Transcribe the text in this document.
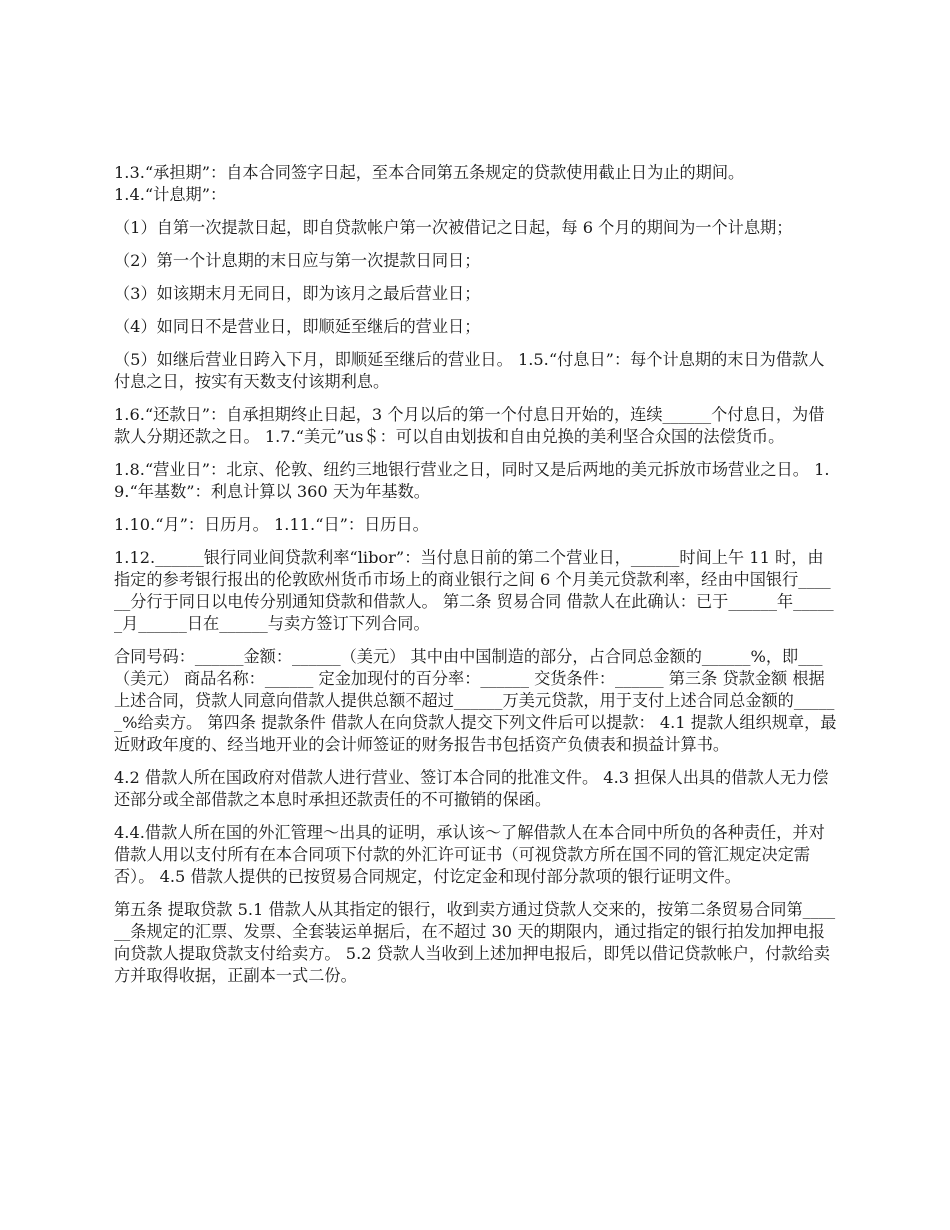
1.3.“承担期”：自本合同签字日起，至本合同第五条规定的贷款使用截止日为止的期间。

1.4.“计息期”：

（1）自第一次提款日起，即自贷款帐户第一次被借记之日起，每 6 个月的期间为一个计息期；

（2）第一个计息期的末日应与第一次提款日同日；

（3）如该期末月无同日，即为该月之最后营业日；

（4）如同日不是营业日，即顺延至继后的营业日；

（5）如继后营业日跨入下月，即顺延至继后的营业日。 1.5.“付息日”：每个计息期的末日为借款人付息之日，按实有天数支付该期利息。

1.6.“还款日”：自承担期终止日起，3 个月以后的第一个付息日开始的，连续______个付息日，为借款人分期还款之日。 1.7.“美元”us＄：可以自由划拔和自由兑换的美利坚合众国的法偿货币。

1.8.“营业日”：北京、伦敦、纽约三地银行营业之日，同时又是后两地的美元拆放市场营业之日。 1.9.“年基数”：利息计算以 360 天为年基数。

1.10.“月”：日历月。 1.11.“日”：日历日。

1.12.______银行同业间贷款利率“libor”：当付息日前的第二个营业日，______时间上午 11 时，由指定的参考银行报出的伦敦欧州货币市场上的商业银行之间 6 个月美元贷款利率，经由中国银行______分行于同日以电传分别通知贷款和借款人。 第二条 贸易合同 借款人在此确认：已于______年______月______日在______与卖方签订下列合同。

合同号码：______金额：______（美元） 其中由中国制造的部分，占合同总金额的______%，即___（美元） 商品名称：______ 定金加现付的百分率：______ 交货条件：______ 第三条 贷款金额 根据上述合同，贷款人同意向借款人提供总额不超过______万美元贷款，用于支付上述合同总金额的______%给卖方。 第四条 提款条件 借款人在向贷款人提交下列文件后可以提款： 4.1 提款人组织规章，最近财政年度的、经当地开业的会计师签证的财务报告书包括资产负债表和损益计算书。

4.2 借款人所在国政府对借款人进行营业、签订本合同的批准文件。 4.3 担保人出具的借款人无力偿还部分或全部借款之本息时承担还款责任的不可撤销的保函。

4.4.借款人所在国的外汇管理～出具的证明，承认该～了解借款人在本合同中所负的各种责任，并对借款人用以支付所有在本合同项下付款的外汇许可证书（可视贷款方所在国不同的管汇规定决定需否）。 4.5 借款人提供的已按贸易合同规定，付讫定金和现付部分款项的银行证明文件。

第五条 提取贷款 5.1 借款人从其指定的银行，收到卖方通过贷款人交来的，按第二条贸易合同第______条规定的汇票、发票、全套装运单据后，在不超过 30 天的期限内，通过指定的银行拍发加押电报向贷款人提取贷款支付给卖方。 5.2 贷款人当收到上述加押电报后，即凭以借记贷款帐户，付款给卖方并取得收据，正副本一式二份。
